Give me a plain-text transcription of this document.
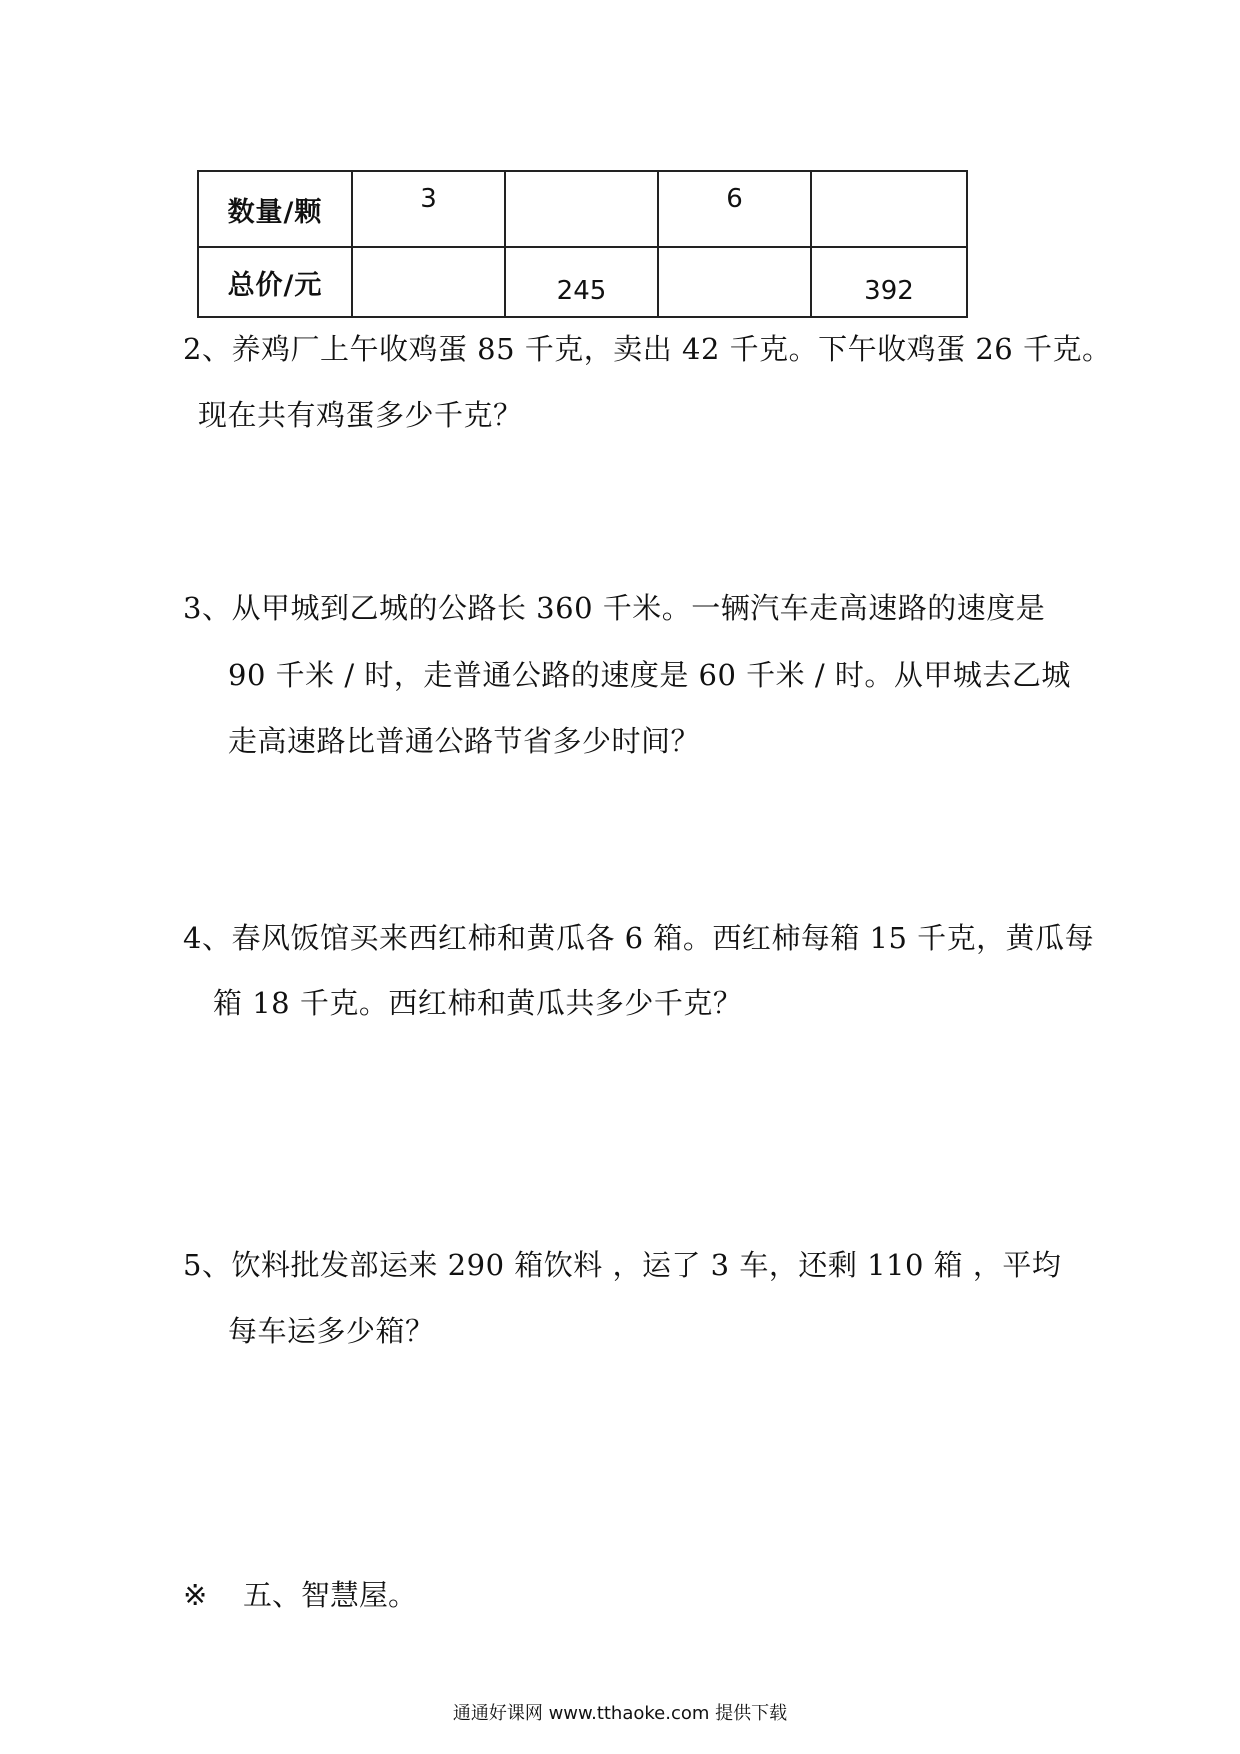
数量/颗	3		6	
总价/元		245		392
2、养鸡厂上午收鸡蛋 85 千克，卖出 42 千克。下午收鸡蛋 26 千克。
现在共有鸡蛋多少千克？
3、从甲城到乙城的公路长 360 千米。一辆汽车走高速路的速度是
90 千米 / 时，走普通公路的速度是 60 千米 / 时。从甲城去乙城
走高速路比普通公路节省多少时间？
4、春风饭馆买来西红柿和黄瓜各 6 箱。西红柿每箱 15 千克，黄瓜每
箱 18 千克。西红柿和黄瓜共多少千克？
5、饮料批发部运来 290 箱饮料 ，运了 3 车，还剩 110 箱 ，平均
每车运多少箱？
※ 五、智慧屋。
通通好课网 www.tthaoke.com 提供下载
